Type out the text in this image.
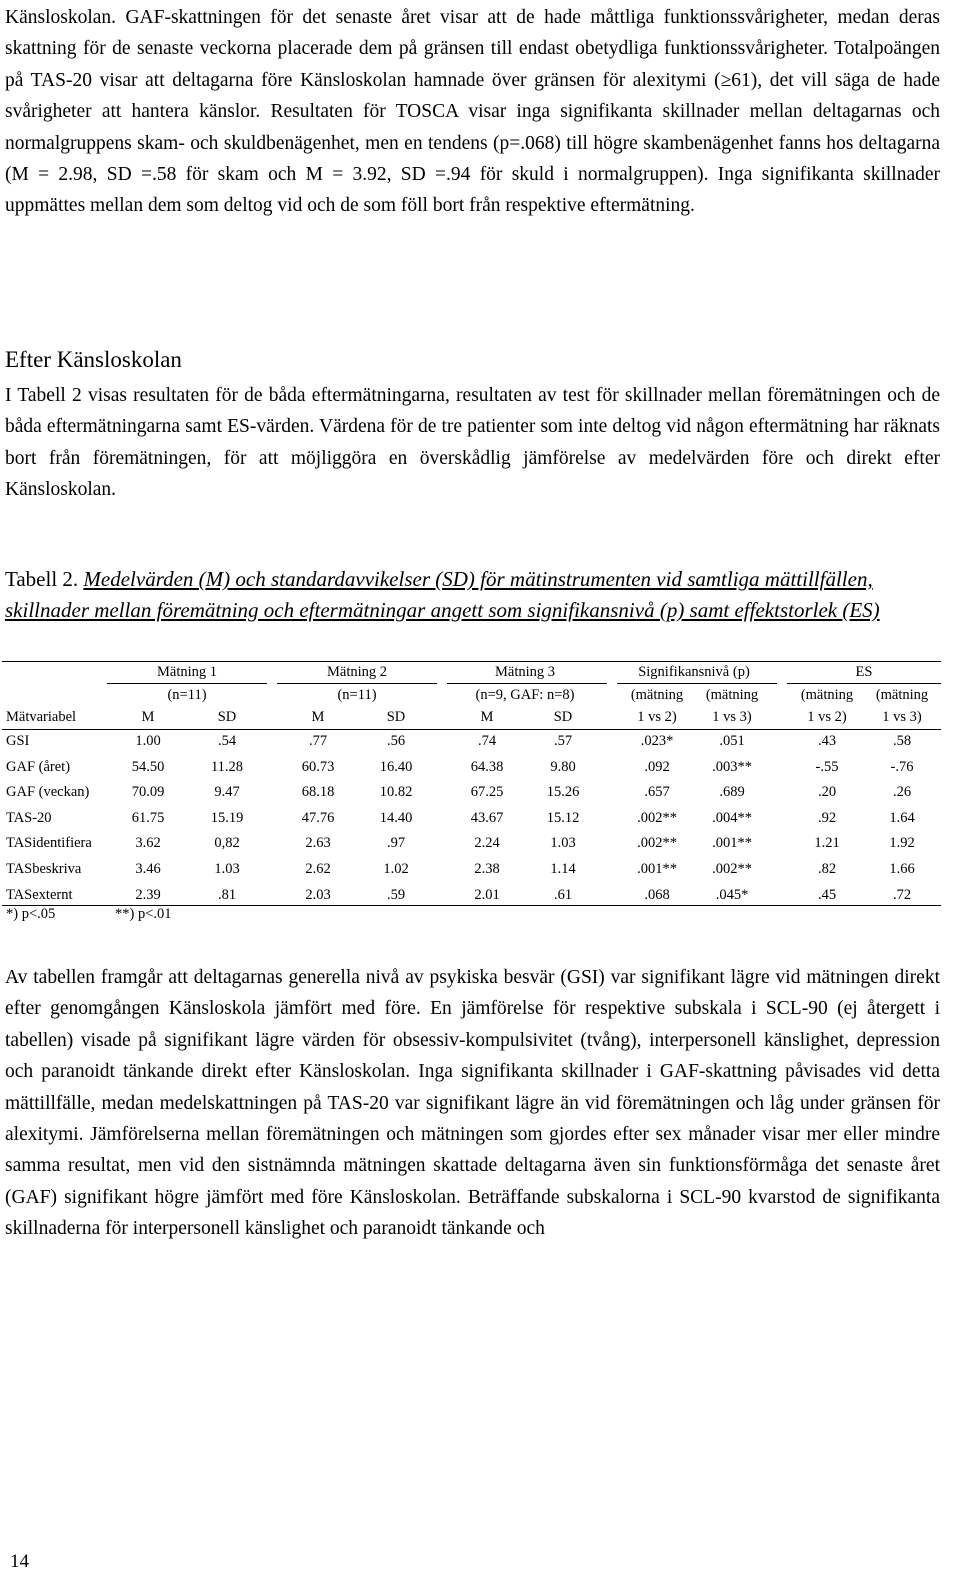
Känsloskolan. GAF-skattningen för det senaste året visar att de hade måttliga funktionssvårigheter, medan deras skattning för de senaste veckorna placerade dem på gränsen till endast obetydliga funktionssvårigheter. Totalpoängen på TAS-20 visar att deltagarna före Känsloskolan hamnade över gränsen för alexitymi (≥61), det vill säga de hade svårigheter att hantera känslor. Resultaten för TOSCA visar inga signifikanta skillnader mellan deltagarnas och normalgruppens skam- och skuldbenägenhet, men en tendens (p=.068) till högre skambenägenhet fanns hos deltagarna (M = 2.98, SD =.58 för skam och M = 3.92, SD =.94 för skuld i normalgruppen). Inga signifikanta skillnader uppmättes mellan dem som deltog vid och de som föll bort från respektive eftermätning.

Efter Känsloskolan

I Tabell 2 visas resultaten för de båda eftermätningarna, resultaten av test för skillnader mellan föremätningen och de båda eftermätningarna samt ES-värden. Värdena för de tre patienter som inte deltog vid någon eftermätning har räknats bort från föremätningen, för att möjliggöra en överskådlig jämförelse av medelvärden före och direkt efter Känsloskolan.

Tabell 2. Medelvärden (M) och standardavvikelser (SD) för mätinstrumenten vid samtliga mättillfällen, skillnader mellan föremätning och eftermätningar angett som signifikansnivå (p) samt effektstorlek (ES)

Mätning 1	Mätning 2	Mätning 3	Signifikansnivå (p)	ES
(n=11)	(n=11)	(n=9, GAF: n=8)	(mätning (mätning	(mätning (mätning
Mätvariabel	M	SD	M	SD	M	SD	1 vs 2) 1 vs 3)	1 vs 2) 1 vs 3)
GSI	1.00	.54	.77	.56	.74	.57	.023*	.051	.43	.58
GAF (året)	54.50	11.28	60.73	16.40	64.38	9.80	.092	.003**	-.55	-.76
GAF (veckan)	70.09	9.47	68.18	10.82	67.25	15.26	.657	.689	.20	.26
TAS-20	61.75	15.19	47.76	14.40	43.67	15.12	.002** .004**	.92	1.64
TASidentifiera	3.62	0,82	2.63	.97	2.24	1.03	.002** .001**	1.21	1.92
TASbeskriva	3.46	1.03	2.62	1.02	2.38	1.14	.001** .002**	.82	1.66
TASexternt	2.39	.81	2.03	.59	2.01	.61	.068	.045*	.45	.72
*) p<.05	**) p<.01

Av tabellen framgår att deltagarnas generella nivå av psykiska besvär (GSI) var signifikant lägre vid mätningen direkt efter genomgången Känsloskola jämfört med före. En jämförelse för respektive subskala i SCL-90 (ej återgett i tabellen) visade på signifikant lägre värden för obsessiv-kompulsivitet (tvång), interpersonell känslighet, depression och paranoidt tänkande direkt efter Känsloskolan. Inga signifikanta skillnader i GAF-skattning påvisades vid detta mättillfälle, medan medelskattningen på TAS-20 var signifikant lägre än vid föremätningen och låg under gränsen för alexitymi. Jämförelserna mellan föremätningen och mätningen som gjordes efter sex månader visar mer eller mindre samma resultat, men vid den sistnämnda mätningen skattade deltagarna även sin funktionsförmåga det senaste året (GAF) signifikant högre jämfört med före Känsloskolan. Beträffande subskalorna i SCL-90 kvarstod de signifikanta skillnaderna för interpersonell känslighet och paranoidt tänkande och

14
